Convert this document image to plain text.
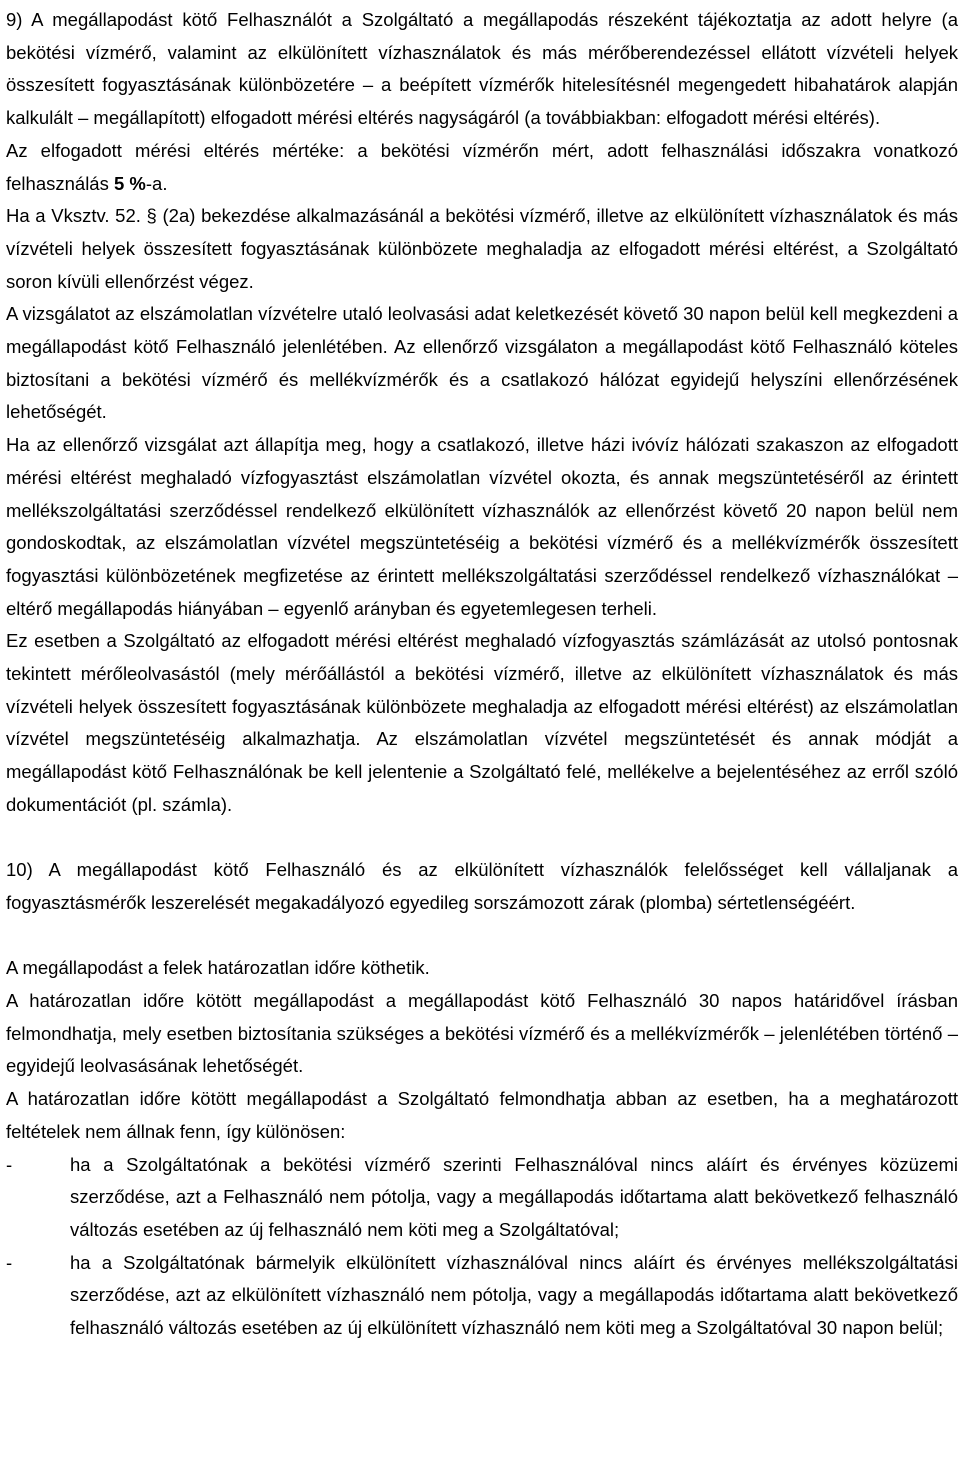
9) A megállapodást kötő Felhasználót a Szolgáltató a megállapodás részeként tájékoztatja az adott helyre (a bekötési vízmérő, valamint az elkülönített vízhasználatok és más mérőberendezéssel ellátott vízvételi helyek összesített fogyasztásának különbözetére – a beépített vízmérők hitelesítésnél megengedett hibahatárok alapján kalkulált – megállapított) elfogadott mérési eltérés nagyságáról (a továbbiakban: elfogadott mérési eltérés).

Az elfogadott mérési eltérés mértéke: a bekötési vízmérőn mért, adott felhasználási időszakra vonatkozó felhasználás 5 %-a.

Ha a Vksztv. 52. § (2a) bekezdése alkalmazásánál a bekötési vízmérő, illetve az elkülönített vízhasználatok és más vízvételi helyek összesített fogyasztásának különbözete meghaladja az elfogadott mérési eltérést, a Szolgáltató soron kívüli ellenőrzést végez.

A vizsgálatot az elszámolatlan vízvételre utaló leolvasási adat keletkezését követő 30 napon belül kell megkezdeni a megállapodást kötő Felhasználó jelenlétében. Az ellenőrző vizsgálaton a megállapodást kötő Felhasználó köteles biztosítani a bekötési vízmérő és mellékvízmérők és a csatlakozó hálózat egyidejű helyszíni ellenőrzésének lehetőségét.

Ha az ellenőrző vizsgálat azt állapítja meg, hogy a csatlakozó, illetve házi ivóvíz hálózati szakaszon az elfogadott mérési eltérést meghaladó vízfogyasztást elszámolatlan vízvétel okozta, és annak megszüntetéséről az érintett mellékszolgáltatási szerződéssel rendelkező elkülönített vízhasználók az ellenőrzést követő 20 napon belül nem gondoskodtak, az elszámolatlan vízvétel megszüntetéséig a bekötési vízmérő és a mellékvízmérők összesített fogyasztási különbözetének megfizetése az érintett mellékszolgáltatási szerződéssel rendelkező vízhasználókat – eltérő megállapodás hiányában – egyenlő arányban és egyetemlegesen terheli.

Ez esetben a Szolgáltató az elfogadott mérési eltérést meghaladó vízfogyasztás számlázását az utolsó pontosnak tekintett mérőleolvasástól (mely mérőállástól a bekötési vízmérő, illetve az elkülönített vízhasználatok és más vízvételi helyek összesített fogyasztásának különbözete meghaladja az elfogadott mérési eltérést) az elszámolatlan vízvétel megszüntetéséig alkalmazhatja. Az elszámolatlan vízvétel megszüntetését és annak módját a megállapodást kötő Felhasználónak be kell jelentenie a Szolgáltató felé, mellékelve a bejelentéséhez az erről szóló dokumentációt (pl. számla).

10) A megállapodást kötő Felhasználó és az elkülönített vízhasználók felelősséget kell vállaljanak a fogyasztásmérők leszerelését megakadályozó egyedileg sorszámozott zárak (plomba) sértetlenségéért.

A megállapodást a felek határozatlan időre köthetik.

A határozatlan időre kötött megállapodást a megállapodást kötő Felhasználó 30 napos határidővel írásban felmondhatja, mely esetben biztosítania szükséges a bekötési vízmérő és a mellékvízmérők – jelenlétében történő – egyidejű leolvasásának lehetőségét.

A határozatlan időre kötött megállapodást a Szolgáltató felmondhatja abban az esetben, ha a meghatározott feltételek nem állnak fenn, így különösen:

-	ha a Szolgáltatónak a bekötési vízmérő szerinti Felhasználóval nincs aláírt és érvényes közüzemi szerződése, azt a Felhasználó nem pótolja, vagy a megállapodás időtartama alatt bekövetkező felhasználó változás esetében az új felhasználó nem köti meg a Szolgáltatóval;
-	ha a Szolgáltatónak bármelyik elkülönített vízhasználóval nincs aláírt és érvényes mellékszolgáltatási szerződése, azt az elkülönített vízhasználó nem pótolja, vagy a megállapodás időtartama alatt bekövetkező felhasználó változás esetében az új elkülönített vízhasználó nem köti meg a Szolgáltatóval 30 napon belül;
